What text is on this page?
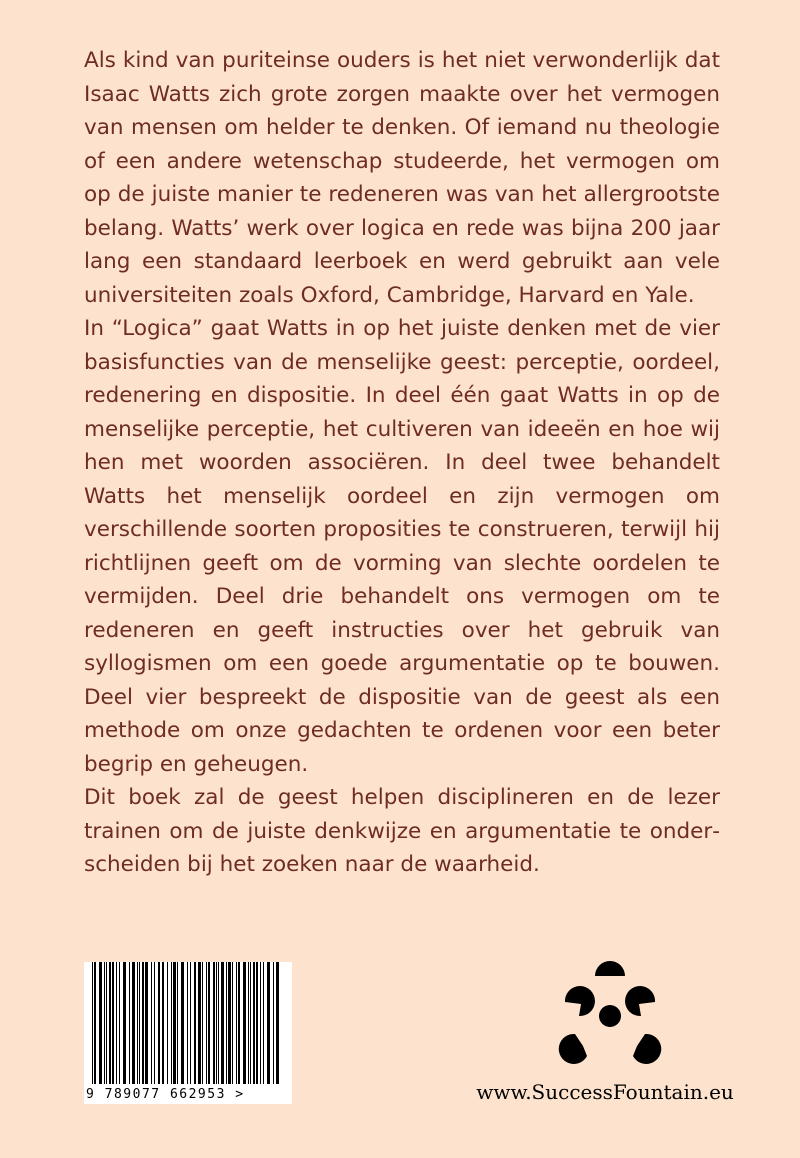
Als kind van puriteinse ouders is het niet verwonderlijk dat Isaac Watts zich grote zorgen maakte over het vermogen van mensen om helder te denken. Of iemand nu theologie of een andere wetenschap studeerde, het vermogen om op de juiste manier te redeneren was van het allergrootste belang. Watts’ werk over logica en rede was bijna 200 jaar lang een standaard leerboek en werd gebruikt aan vele universiteiten zoals Oxford, Cambridge, Harvard en Yale.

In “Logica” gaat Watts in op het juiste denken met de vier basisfuncties van de menselijke geest: perceptie, oordeel, redenering en dispositie. In deel één gaat Watts in op de menselijke perceptie, het cultiveren van ideeën en hoe wij hen met woorden associëren. In deel twee behandelt Watts het menselijk oordeel en zijn vermogen om verschillende soorten proposities te construeren, terwijl hij richtlijnen geeft om de vorming van slechte oordelen te vermijden. Deel drie behandelt ons vermogen om te redeneren en geeft instructies over het gebruik van syllogismen om een goede argumentatie op te bouwen. Deel vier bespreekt de dispositie van de geest als een methode om onze gedachten te ordenen voor een beter begrip en geheugen.

Dit boek zal de geest helpen disciplineren en de lezer trainen om de juiste denkwijze en argumentatie te onderscheiden bij het zoeken naar de waarheid.

9 789077 662953 >	www.SuccessFountain.eu
